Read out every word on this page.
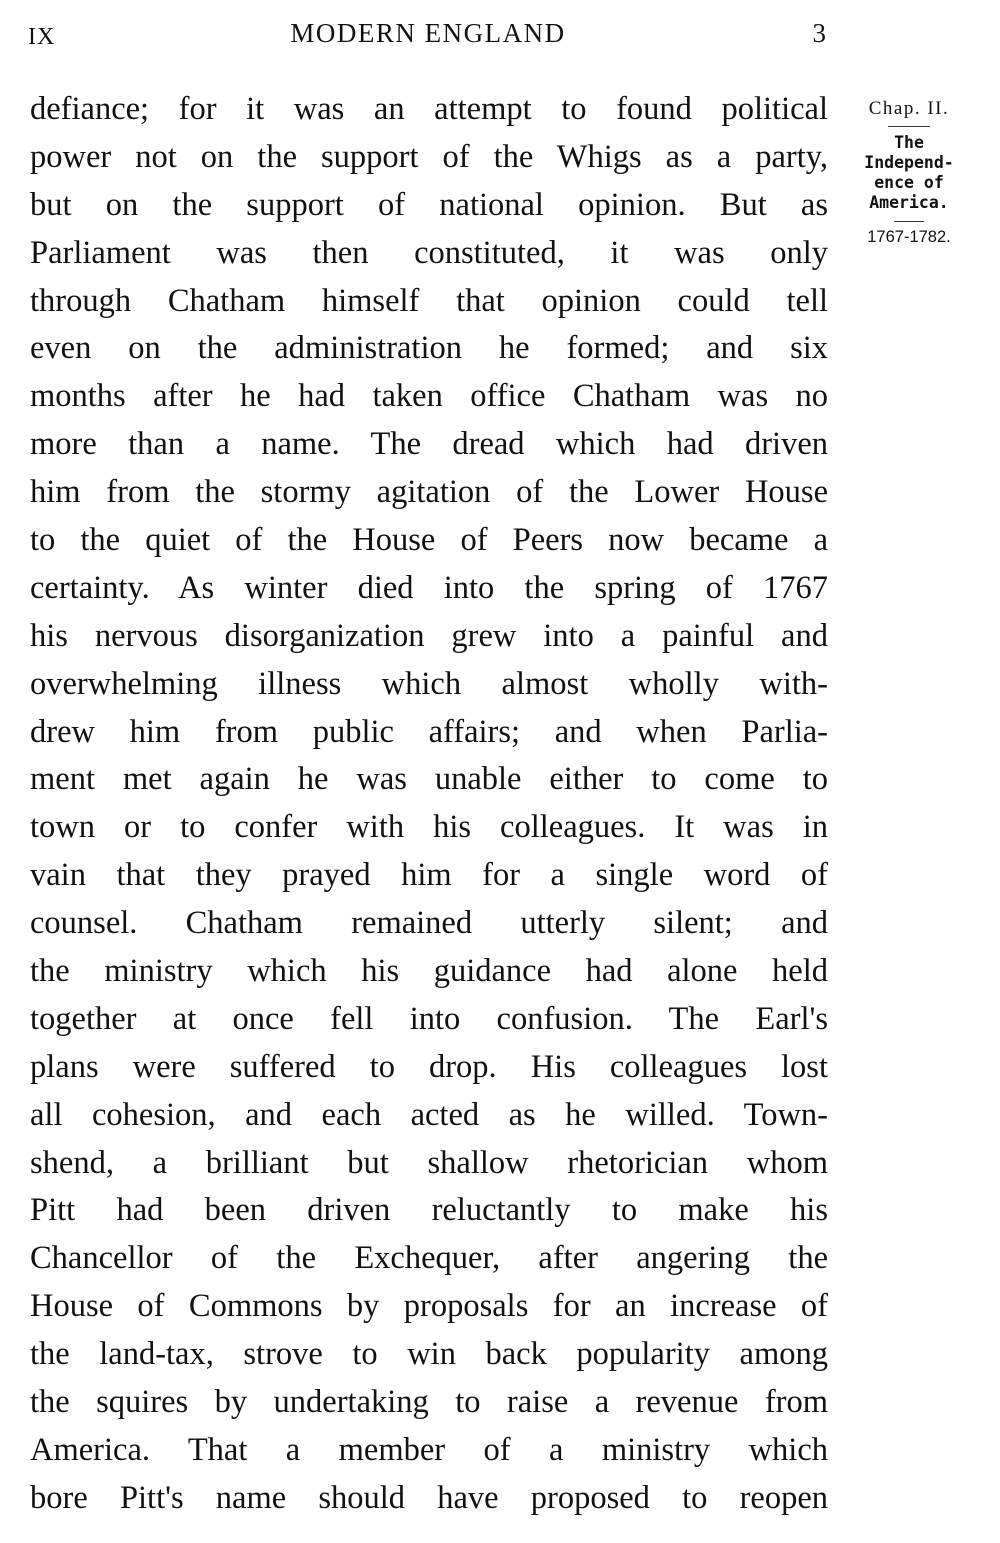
IX	MODERN ENGLAND	3
defiance; for it was an attempt to found political
power not on the support of the Whigs as a party,
but on the support of national opinion. But as
Parliament was then constituted, it was only
through Chatham himself that opinion could tell
even on the administration he formed; and six
months after he had taken office Chatham was no
more than a name. The dread which had driven
him from the stormy agitation of the Lower House
to the quiet of the House of Peers now became a
certainty. As winter died into the spring of 1767
his nervous disorganization grew into a painful and
overwhelming illness which almost wholly with-
drew him from public affairs; and when Parlia-
ment met again he was unable either to come to
town or to confer with his colleagues. It was in
vain that they prayed him for a single word of
counsel. Chatham remained utterly silent; and
the ministry which his guidance had alone held
together at once fell into confusion. The Earl's
plans were suffered to drop. His colleagues lost
all cohesion, and each acted as he willed. Town-
shend, a brilliant but shallow rhetorician whom
Pitt had been driven reluctantly to make his
Chancellor of the Exchequer, after angering the
House of Commons by proposals for an increase of
the land-tax, strove to win back popularity among
the squires by undertaking to raise a revenue from
America. That a member of a ministry which
bore Pitt's name should have proposed to reopen
Chap. II.
The
Independ-
ence of
America.
1767-1782.
